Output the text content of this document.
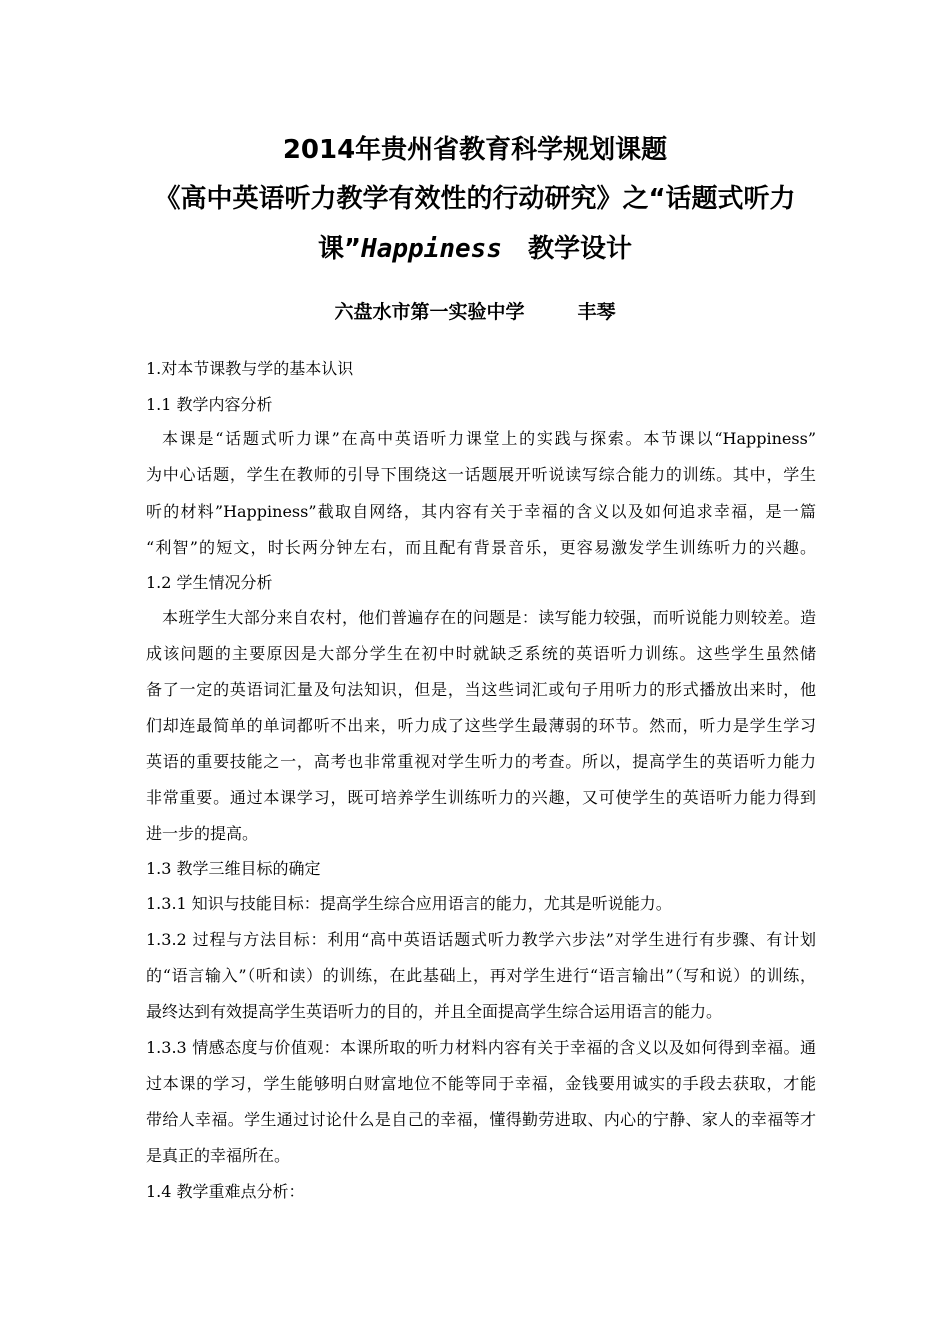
2014年贵州省教育科学规划课题
《高中英语听力教学有效性的行动研究》之“话题式听力
课”Happiness 教学设计
六盘水市第一实验中学        丰琴
1.对本节课教与学的基本认识
1.1 教学内容分析
本课是“话题式听力课”在高中英语听力课堂上的实践与探索。本节课以“Happiness”
为中心话题，学生在教师的引导下围绕这一话题展开听说读写综合能力的训练。其中，学生
听的材料”Happiness”截取自网络，其内容有关于幸福的含义以及如何追求幸福，是一篇
“利智”的短文，时长两分钟左右，而且配有背景音乐，更容易激发学生训练听力的兴趣。
1.2 学生情况分析
本班学生大部分来自农村，他们普遍存在的问题是：读写能力较强，而听说能力则较差。造
成该问题的主要原因是大部分学生在初中时就缺乏系统的英语听力训练。这些学生虽然储
备了一定的英语词汇量及句法知识，但是，当这些词汇或句子用听力的形式播放出来时，他
们却连最简单的单词都听不出来，听力成了这些学生最薄弱的环节。然而，听力是学生学习
英语的重要技能之一，高考也非常重视对学生听力的考查。所以，提高学生的英语听力能力
非常重要。通过本课学习，既可培养学生训练听力的兴趣，又可使学生的英语听力能力得到
进一步的提高。
1.3 教学三维目标的确定
1.3.1 知识与技能目标：提高学生综合应用语言的能力，尤其是听说能力。
1.3.2 过程与方法目标：利用“高中英语话题式听力教学六步法”对学生进行有步骤、有计划
的“语言输入”（听和读）的训练，在此基础上，再对学生进行“语言输出”（写和说）的训练，
最终达到有效提高学生英语听力的目的，并且全面提高学生综合运用语言的能力。
1.3.3 情感态度与价值观：本课所取的听力材料内容有关于幸福的含义以及如何得到幸福。通
过本课的学习，学生能够明白财富地位不能等同于幸福，金钱要用诚实的手段去获取，才能
带给人幸福。学生通过讨论什么是自己的幸福，懂得勤劳进取、内心的宁静、家人的幸福等才
是真正的幸福所在。
1.4 教学重难点分析：
